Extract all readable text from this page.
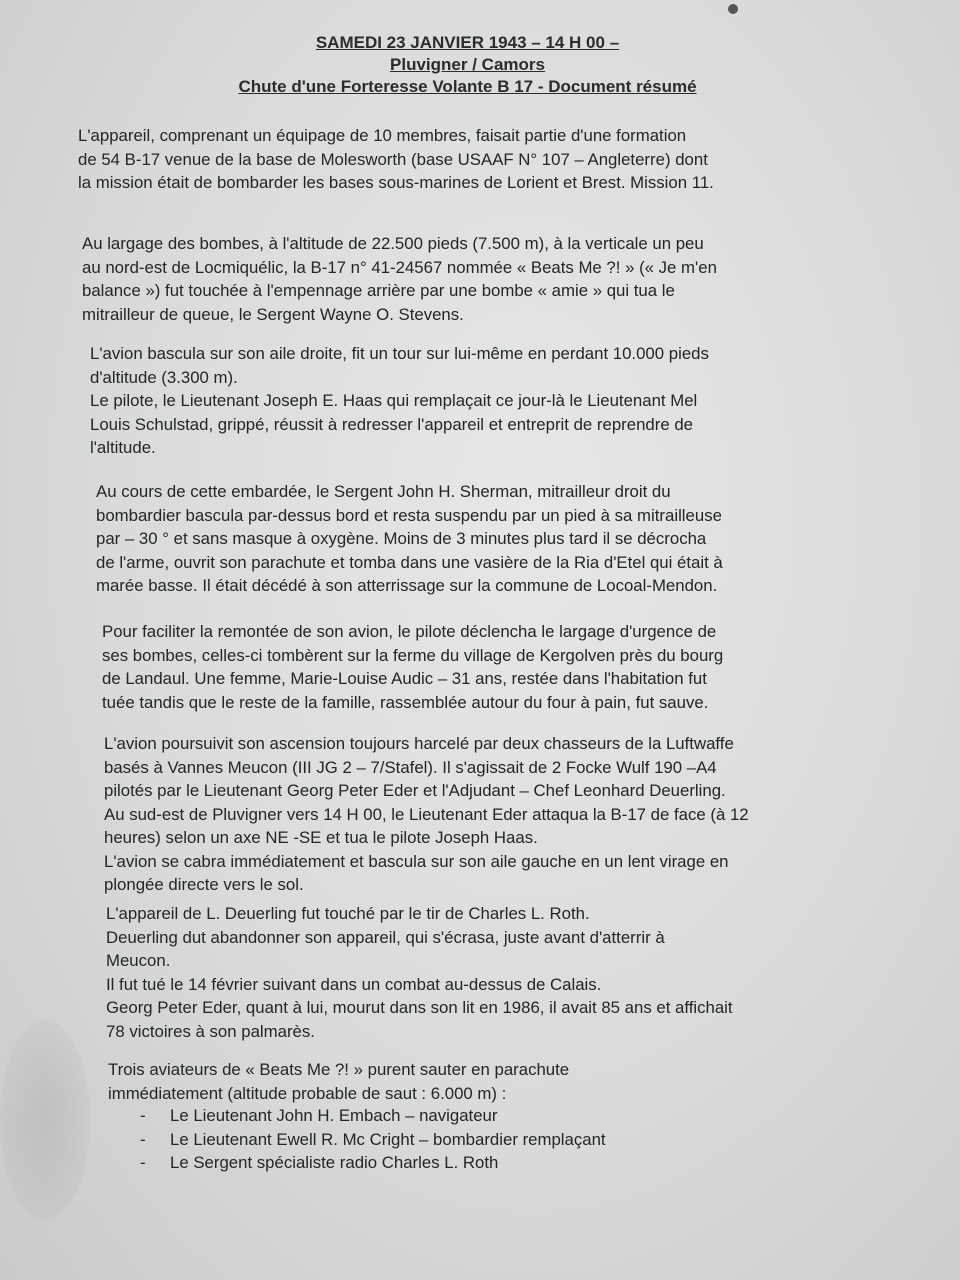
SAMEDI 23 JANVIER 1943 – 14 H 00 –
Pluvigner / Camors
Chute d'une Forteresse Volante B 17 - Document résumé

L'appareil, comprenant un équipage de 10 membres, faisait partie d'une formation
de 54 B-17 venue de la base de Molesworth (base USAAF N° 107 – Angleterre) dont
la mission était de bombarder les bases sous-marines de Lorient et Brest. Mission 11.

Au largage des bombes, à l'altitude de 22.500 pieds (7.500 m), à la verticale un peu
au nord-est de Locmiquélic, la B-17 n° 41-24567 nommée « Beats Me ?! » (« Je m'en
balance ») fut touchée à l'empennage arrière par une bombe « amie » qui tua le
mitrailleur de queue, le Sergent Wayne O. Stevens.

L'avion bascula sur son aile droite, fit un tour sur lui-même en perdant 10.000 pieds
d'altitude (3.300 m).
Le pilote, le Lieutenant Joseph E. Haas qui remplaçait ce jour-là le Lieutenant Mel
Louis Schulstad, grippé, réussit à redresser l'appareil et entreprit de reprendre de
l'altitude.

Au cours de cette embardée, le Sergent John H. Sherman, mitrailleur droit du
bombardier bascula par-dessus bord et resta suspendu par un pied à sa mitrailleuse
par – 30 ° et sans masque à oxygène. Moins de 3 minutes plus tard il se décrocha
de l'arme, ouvrit son parachute et tomba dans une vasière de la Ria d'Etel qui était à
marée basse. Il était décédé à son atterrissage sur la commune de Locoal-Mendon.

Pour faciliter la remontée de son avion, le pilote déclencha le largage d'urgence de
ses bombes, celles-ci tombèrent sur la ferme du village de Kergolven près du bourg
de Landaul. Une femme, Marie-Louise Audic – 31 ans, restée dans l'habitation fut
tuée tandis que le reste de la famille, rassemblée autour du four à pain, fut sauve.

L'avion poursuivit son ascension toujours harcelé par deux chasseurs de la Luftwaffe
basés à Vannes Meucon (III JG 2 – 7/Stafel). Il s'agissait de 2 Focke Wulf 190 –A4
pilotés par le Lieutenant Georg Peter Eder et l'Adjudant – Chef Leonhard Deuerling.
Au sud-est de Pluvigner vers 14 H 00, le Lieutenant Eder attaqua la B-17 de face (à 12
heures) selon un axe NE -SE et tua le pilote Joseph Haas.
L'avion se cabra immédiatement et bascula sur son aile gauche en un lent virage en
plongée directe vers le sol.

L'appareil de L. Deuerling fut touché par le tir de Charles L. Roth.
Deuerling dut abandonner son appareil, qui s'écrasa, juste avant d'atterrir à
Meucon.
Il fut tué le 14 février suivant dans un combat au-dessus de Calais.
Georg Peter Eder, quant à lui, mourut dans son lit en 1986, il avait 85 ans et affichait
78 victoires à son palmarès.

Trois aviateurs de « Beats Me ?! » purent sauter en parachute
immédiatement (altitude probable de saut : 6.000 m) :

- Le Lieutenant John H. Embach – navigateur
- Le Lieutenant Ewell R. Mc Cright – bombardier remplaçant
- Le Sergent spécialiste radio Charles L. Roth
